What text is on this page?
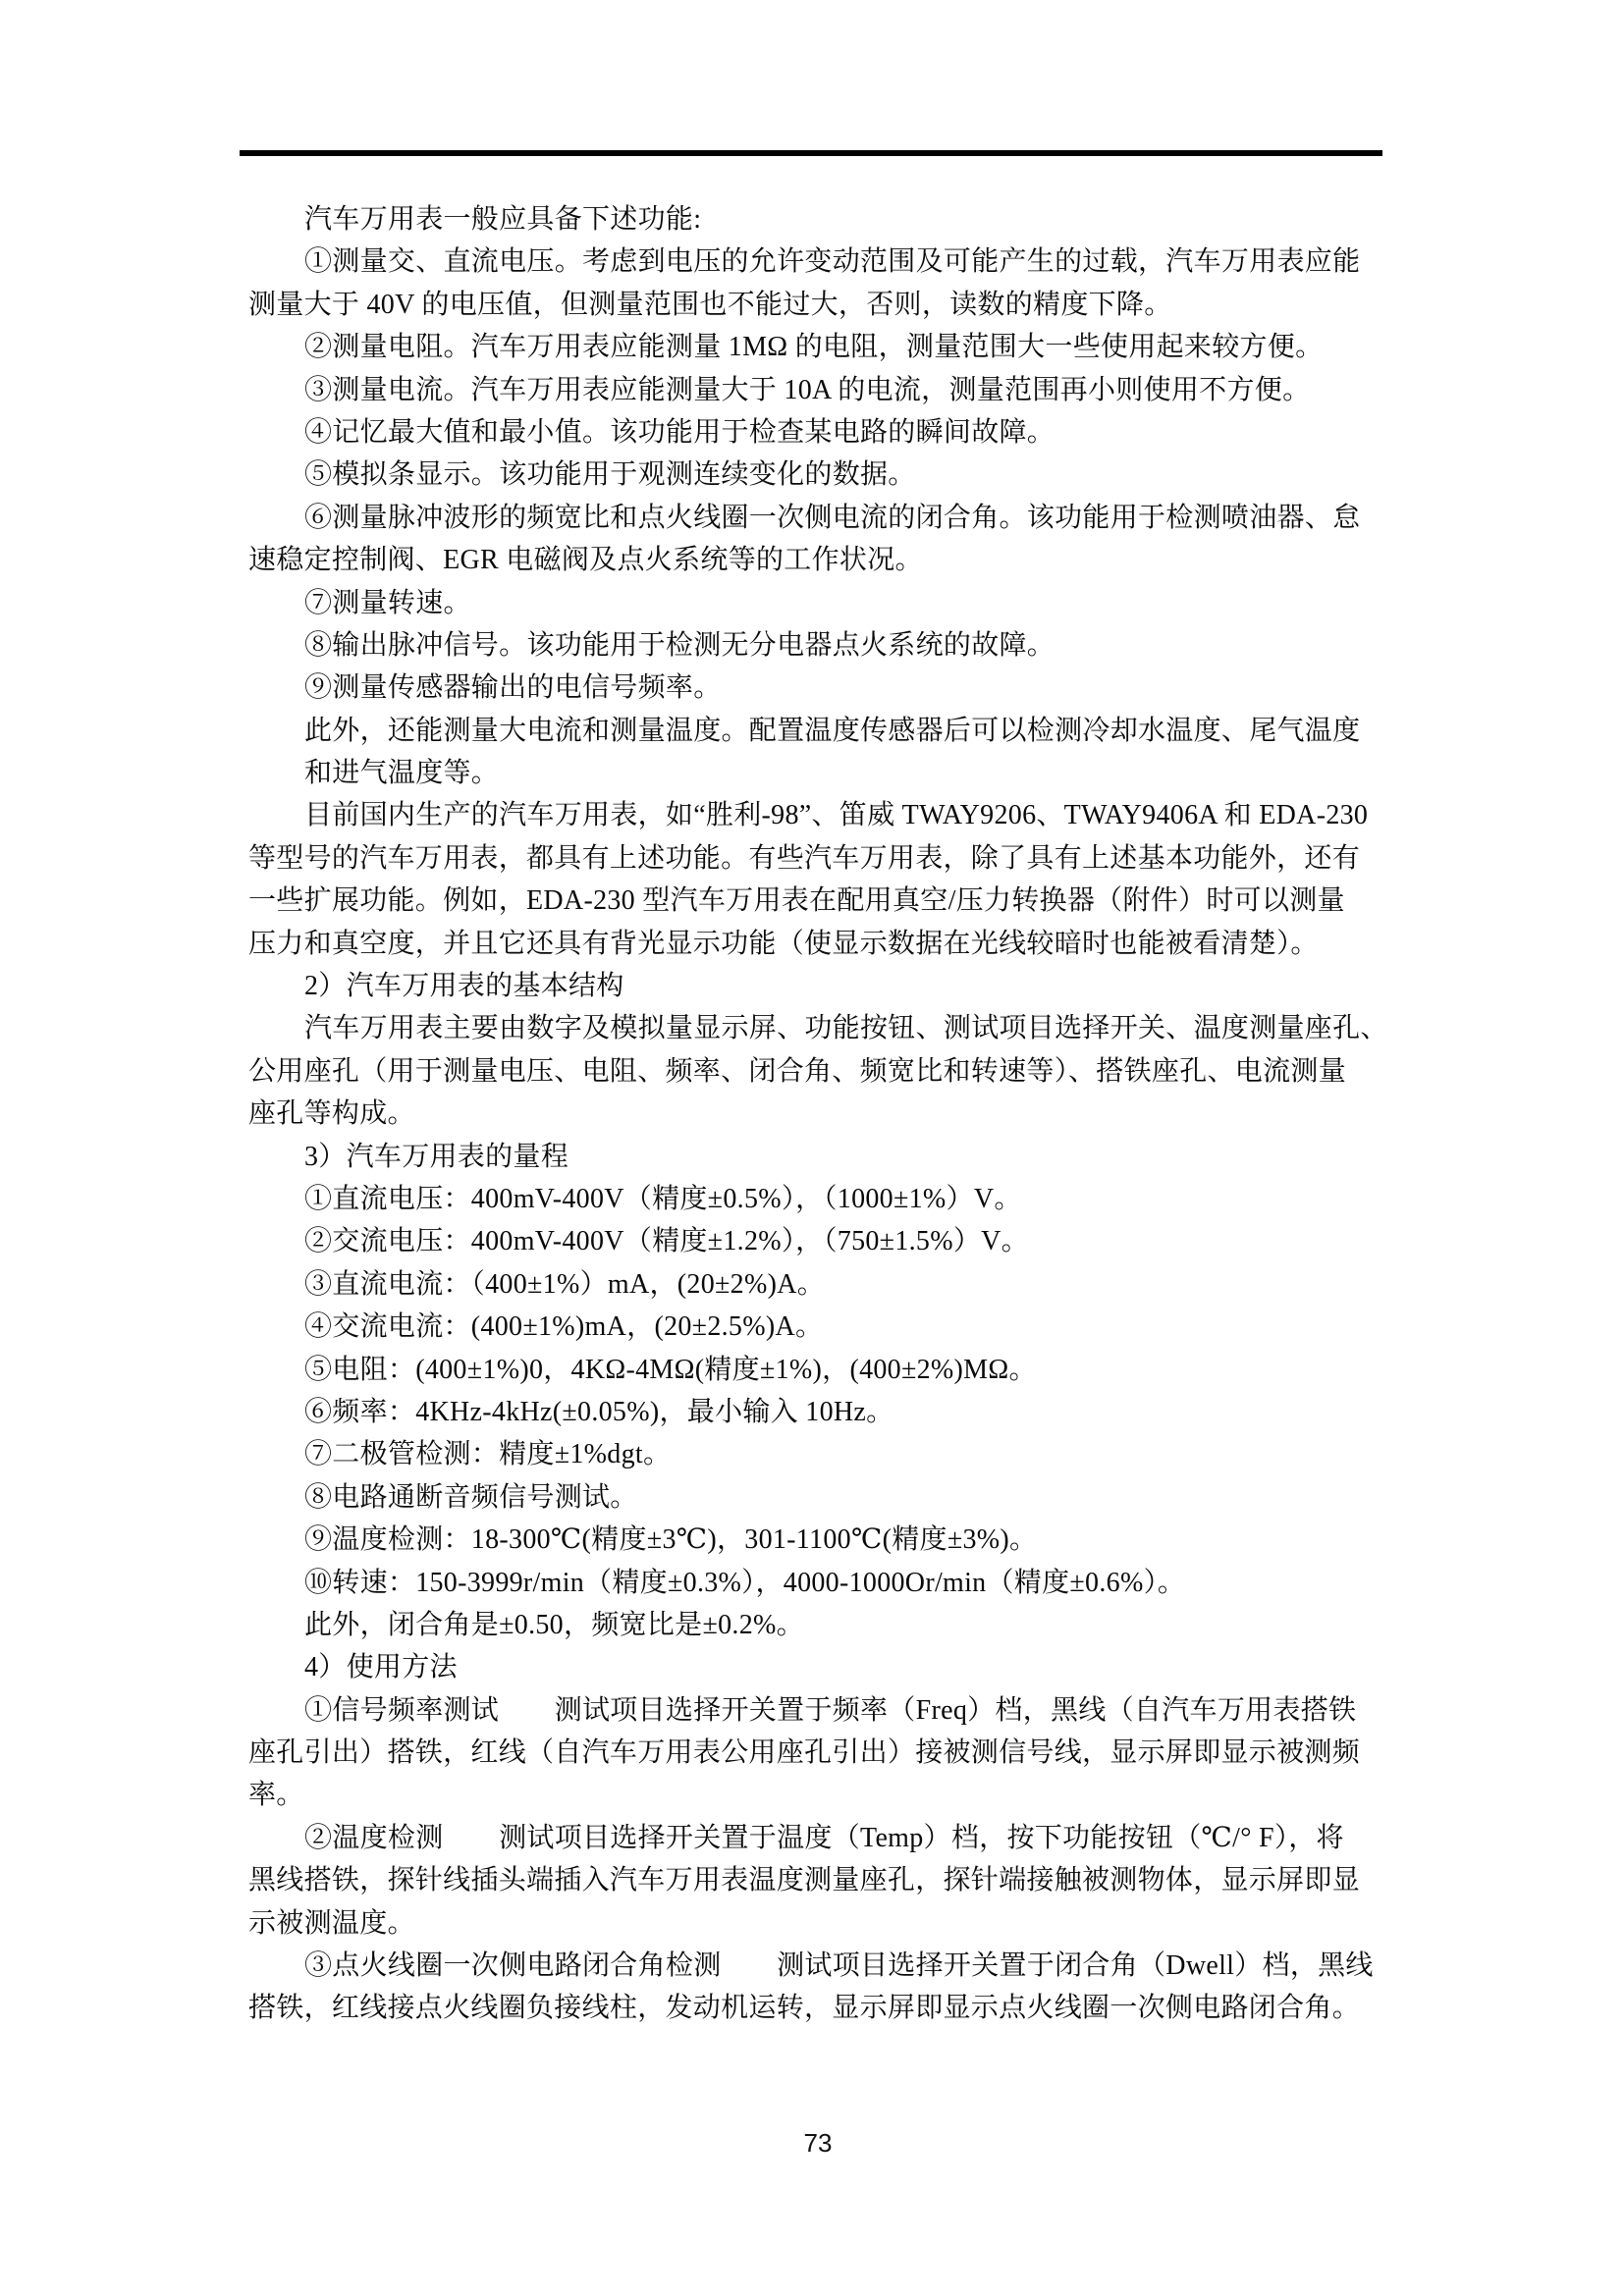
汽车万用表一般应具备下述功能:
①测量交、直流电压。考虑到电压的允许变动范围及可能产生的过载，汽车万用表应能
测量大于 40V 的电压值，但测量范围也不能过大，否则，读数的精度下降。
②测量电阻。汽车万用表应能测量 1MΩ 的电阻，测量范围大一些使用起来较方便。
③测量电流。汽车万用表应能测量大于 10A 的电流，测量范围再小则使用不方便。
④记忆最大值和最小值。该功能用于检查某电路的瞬间故障。
⑤模拟条显示。该功能用于观测连续变化的数据。
⑥测量脉冲波形的频宽比和点火线圈一次侧电流的闭合角。该功能用于检测喷油器、怠
速稳定控制阀、EGR 电磁阀及点火系统等的工作状况。
⑦测量转速。
⑧输出脉冲信号。该功能用于检测无分电器点火系统的故障。
⑨测量传感器输出的电信号频率。
此外，还能测量大电流和测量温度。配置温度传感器后可以检测冷却水温度、尾气温度
和进气温度等。
目前国内生产的汽车万用表，如“胜利-98”、笛威 TWAY9206、TWAY9406A 和 EDA-230
等型号的汽车万用表，都具有上述功能。有些汽车万用表，除了具有上述基本功能外，还有
一些扩展功能。例如，EDA-230 型汽车万用表在配用真空/压力转换器（附件）时可以测量
压力和真空度，并且它还具有背光显示功能（使显示数据在光线较暗时也能被看清楚）。
2）汽车万用表的基本结构
汽车万用表主要由数字及模拟量显示屏、功能按钮、测试项目选择开关、温度测量座孔、
公用座孔（用于测量电压、电阻、频率、闭合角、频宽比和转速等）、搭铁座孔、电流测量
座孔等构成。
3）汽车万用表的量程
①直流电压：400mV-400V（精度±0.5%），（1000±1%）V。
②交流电压：400mV-400V（精度±1.2%），（750±1.5%）V。
③直流电流：（400±1%）mA，(20±2%)A。
④交流电流：(400±1%)mA，(20±2.5%)A。
⑤电阻：(400±1%)0，4KΩ-4MΩ(精度±1%)，(400±2%)MΩ。
⑥频率：4KHz-4kHz(±0.05%)，最小输入 10Hz。
⑦二极管检测：精度±1%dgt。
⑧电路通断音频信号测试。
⑨温度检测：18-300℃(精度±3℃)，301-1100℃(精度±3%)。
⑩转速：150-3999r/min（精度±0.3%），4000-1000Or/min（精度±0.6%）。
此外，闭合角是±0.50，频宽比是±0.2%。
4）使用方法
①信号频率测试　　测试项目选择开关置于频率（Freq）档，黑线（自汽车万用表搭铁
座孔引出）搭铁，红线（自汽车万用表公用座孔引出）接被测信号线，显示屏即显示被测频
率。
②温度检测　　测试项目选择开关置于温度（Temp）档，按下功能按钮（℃/° F），将
黑线搭铁，探针线插头端插入汽车万用表温度测量座孔，探针端接触被测物体，显示屏即显
示被测温度。
③点火线圈一次侧电路闭合角检测　　测试项目选择开关置于闭合角（Dwell）档，黑线
搭铁，红线接点火线圈负接线柱，发动机运转，显示屏即显示点火线圈一次侧电路闭合角。
73
